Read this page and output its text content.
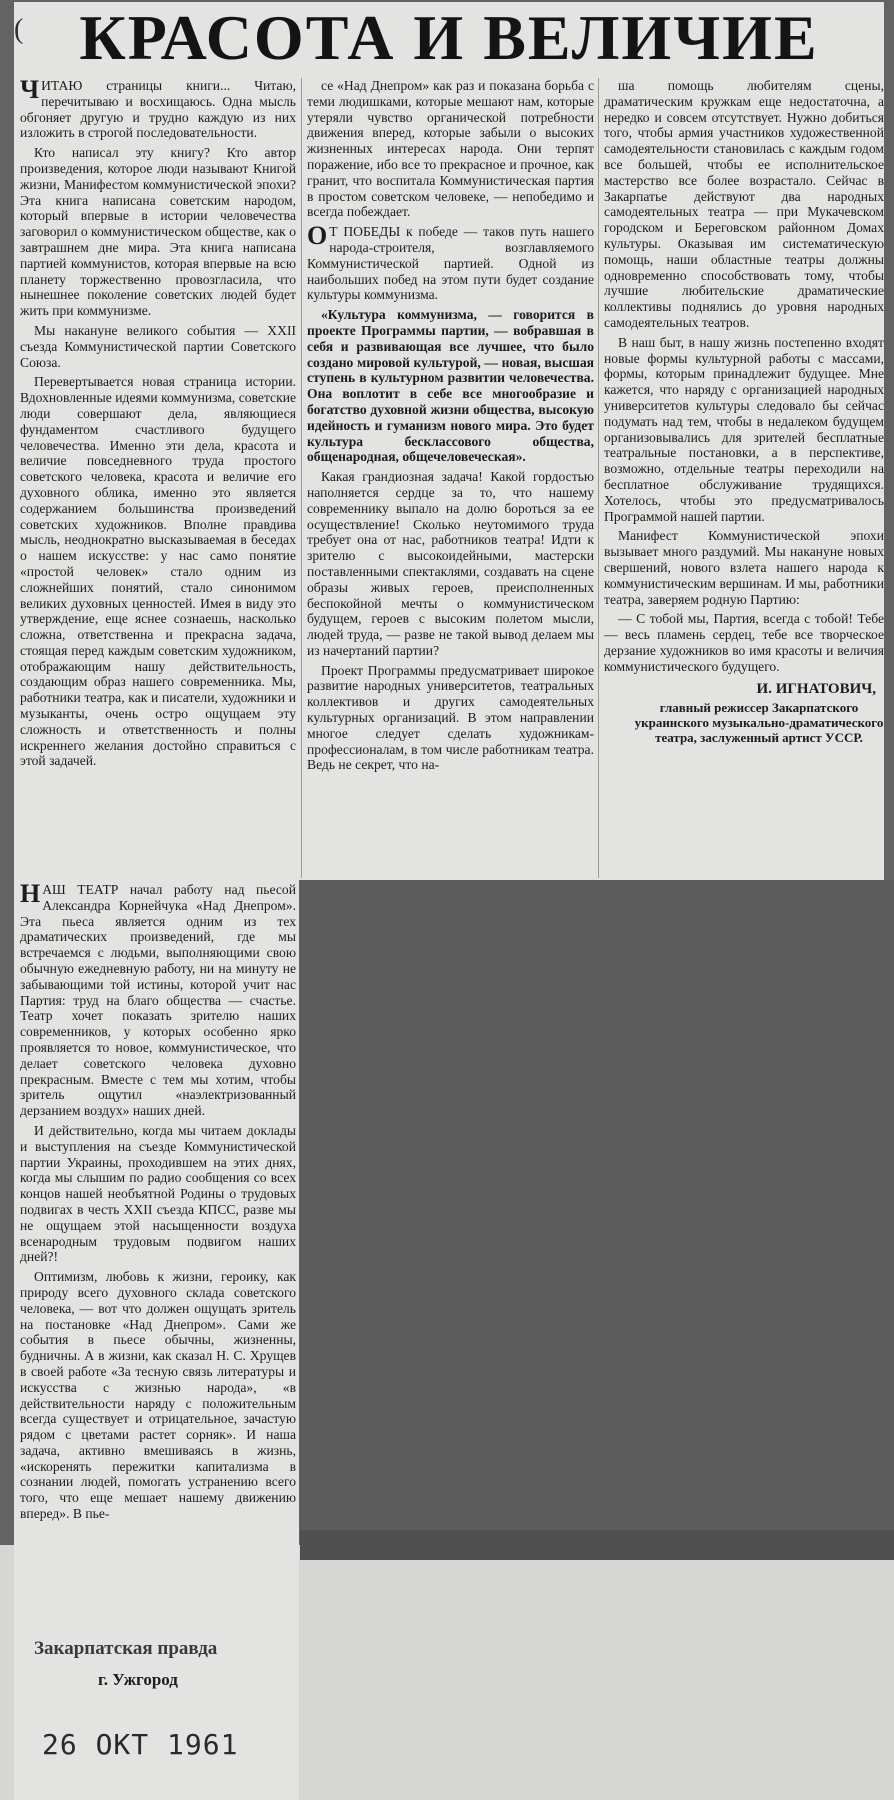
( КРАСОТА И ВЕЛИЧИЕ

ЧИТАЮ страницы книги... Читаю, перечитываю и восхищаюсь. Одна мысль обгоняет другую и трудно каждую из них изложить в строгой последовательности.

Кто написал эту книгу? Кто автор произведения, которое люди называют Книгой жизни, Манифестом коммунистической эпохи? Эта книга написана советским народом, который впервые в истории человечества заговорил о коммунистическом обществе, как о завтрашнем дне мира. Эта книга написана партией коммунистов, которая впервые на всю планету торжественно провозгласила, что нынешнее поколение советских людей будет жить при коммунизме.

Мы накануне великого события — XXII съезда Коммунистической партии Советского Союза.

Перевертывается новая страница истории. Вдохновленные идеями коммунизма, советские люди совершают дела, являющиеся фундаментом счастливого будущего человечества. Именно эти дела, красота и величие повседневного труда простого советского человека, красота и величие его духовного облика, именно это является содержанием большинства произведений советских художников. Вполне правдива мысль, неоднократно высказываемая в беседах о нашем искусстве: у нас само понятие «простой человек» стало одним из сложнейших понятий, стало синонимом великих духовных ценностей. Имея в виду это утверждение, еще яснее сознаешь, насколько сложна, ответственна и прекрасна задача, стоящая перед каждым советским художником, отображающим нашу действительность, создающим образ нашего современника. Мы, работники театра, как и писатели, художники и музыканты, очень остро ощущаем эту сложность и ответственность и полны искреннего желания достойно справиться с этой задачей.

НАШ ТЕАТР начал работу над пьесой Александра Корнейчука «Над Днепром». Эта пьеса является одним из тех драматических произведений, где мы встречаемся с людьми, выполняющими свою обычную ежедневную работу, ни на минуту не забывающими той истины, которой учит нас Партия: труд на благо общества — счастье. Театр хочет показать зрителю наших современников, у которых особенно ярко проявляется то новое, коммунистическое, что делает советского человека духовно прекрасным. Вместе с тем мы хотим, чтобы зритель ощутил «наэлектризованный дерзанием воздух» наших дней.

И действительно, когда мы читаем доклады и выступления на съезде Коммунистической партии Украины, проходившем на этих днях, когда мы слышим по радио сообщения со всех концов нашей необъятной Родины о трудовых подвигах в честь XXII съезда КПСС, разве мы не ощущаем этой насыщенности воздуха всенародным трудовым подвигом наших дней?!

Оптимизм, любовь к жизни, героику, как природу всего духовного склада советского человека, — вот что должен ощущать зритель на постановке «Над Днепром». Сами же события в пьесе обычны, жизненны, будничны. А в жизни, как сказал Н. С. Хрущев в своей работе «За тесную связь литературы и искусства с жизнью народа», «в действительности наряду с положительным всегда существует и отрицательное, зачастую рядом с цветами растет сорняк». И наша задача, активно вмешиваясь в жизнь, «искоренять пережитки капитализма в сознании людей, помогать устранению всего того, что еще мешает нашему движению вперед». В пье-

се «Над Днепром» как раз и показана борьба с теми людишками, которые мешают нам, которые утеряли чувство органической потребности движения вперед, которые забыли о высоких жизненных интересах народа. Они терпят поражение, ибо все то прекрасное и прочное, как гранит, что воспитала Коммунистическая партия в простом советском человеке, — непобедимо и всегда побеждает.

ОТ ПОБЕДЫ к победе — таков путь нашего народа-строителя, возглавляемого Коммунистической партией. Одной из наибольших побед на этом пути будет создание культуры коммунизма.

«Культура коммунизма, — говорится в проекте Программы партии, — вобравшая в себя и развивающая все лучшее, что было создано мировой культурой, — новая, высшая ступень в культурном развитии человечества. Она воплотит в себе все многообразие и богатство духовной жизни общества, высокую идейность и гуманизм нового мира. Это будет культура бесклассового общества, общенародная, общечеловеческая».

Какая грандиозная задача! Какой гордостью наполняется сердце за то, что нашему современнику выпало на долю бороться за ее осуществление! Сколько неутомимого труда требует она от нас, работников театра! Идти к зрителю с высокоидейными, мастерски поставленными спектаклями, создавать на сцене образы живых героев, преисполненных беспокойной мечты о коммунистическом будущем, героев с высоким полетом мысли, людей труда, — разве не такой вывод делаем мы из начертаний партии?

Проект Программы предусматривает широкое развитие народных университетов, театральных коллективов и других самодеятельных культурных организаций. В этом направлении многое следует сделать художникам-профессионалам, в том числе работникам театра. Ведь не секрет, что на-

ша помощь любителям сцены, драматическим кружкам еще недостаточна, а нередко и совсем отсутствует. Нужно добиться того, чтобы армия участников художественной самодеятельности становилась с каждым годом все большей, чтобы ее исполнительское мастерство все более возрастало. Сейчас в Закарпатье действуют два народных самодеятельных театра — при Мукачевском городском и Береговском районном Домах культуры. Оказывая им систематическую помощь, наши областные театры должны одновременно способствовать тому, чтобы лучшие любительские драматические коллективы поднялись до уровня народных самодеятельных театров.

В наш быт, в нашу жизнь постепенно входят новые формы культурной работы с массами, формы, которым принадлежит будущее. Мне кажется, что наряду с организацией народных университетов культуры следовало бы сейчас подумать над тем, чтобы в недалеком будущем организовывались для зрителей бесплатные театральные постановки, а в перспективе, возможно, отдельные театры переходили на бесплатное обслуживание трудящихся. Хотелось, чтобы это предусматривалось Программой нашей партии.

Манифест Коммунистической эпохи вызывает много раздумий. Мы накануне новых свершений, нового взлета нашего народа к коммунистическим вершинам. И мы, работники театра, заверяем родную Партию:

— С тобой мы, Партия, всегда с тобой! Тебе — весь пламень сердец, тебе все творческое дерзание художников во имя красоты и величия коммунистического будущего.

И. ИГНАТОВИЧ,

главный режиссер Закарпатского украинского музыкально-драматического театра, заслуженный артист УССР.

Закарпатская правда
г. Ужгород
26 ОКТ 1961
